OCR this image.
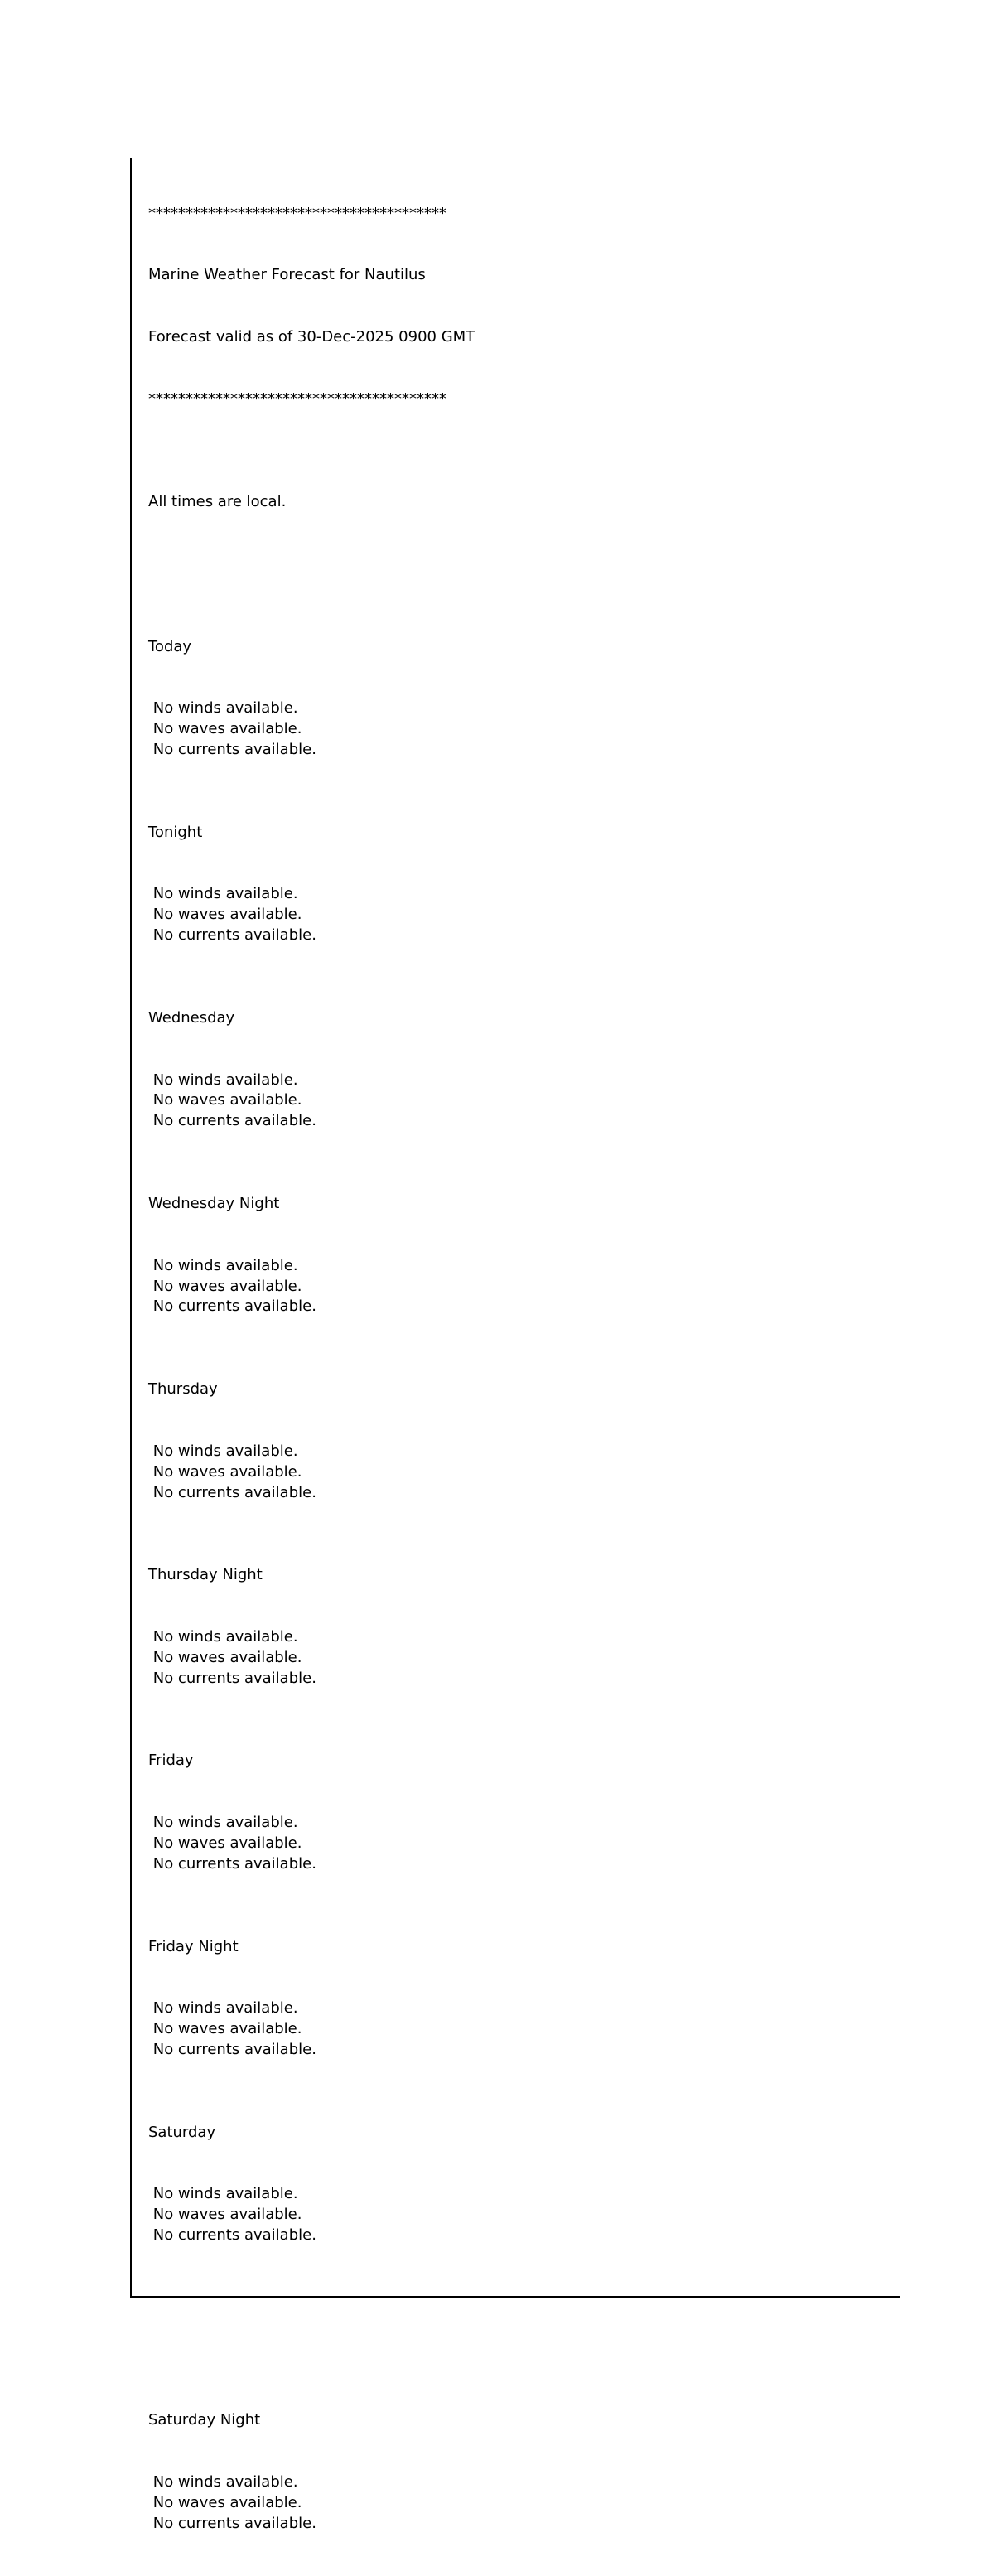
****************************************

Marine Weather Forecast for Nautilus

Forecast valid as of 30-Dec-2025 0900 GMT

****************************************

All times are local.

Today

No winds available.
No waves available.
No currents available.

Tonight

No winds available.
No waves available.
No currents available.

Wednesday

No winds available.
No waves available.
No currents available.

Wednesday Night

No winds available.
No waves available.
No currents available.

Thursday

No winds available.
No waves available.
No currents available.

Thursday Night

No winds available.
No waves available.
No currents available.

Friday

No winds available.
No waves available.
No currents available.

Friday Night

No winds available.
No waves available.
No currents available.

Saturday

No winds available.
No waves available.
No currents available.

Saturday Night

No winds available.
No waves available.
No currents available.
